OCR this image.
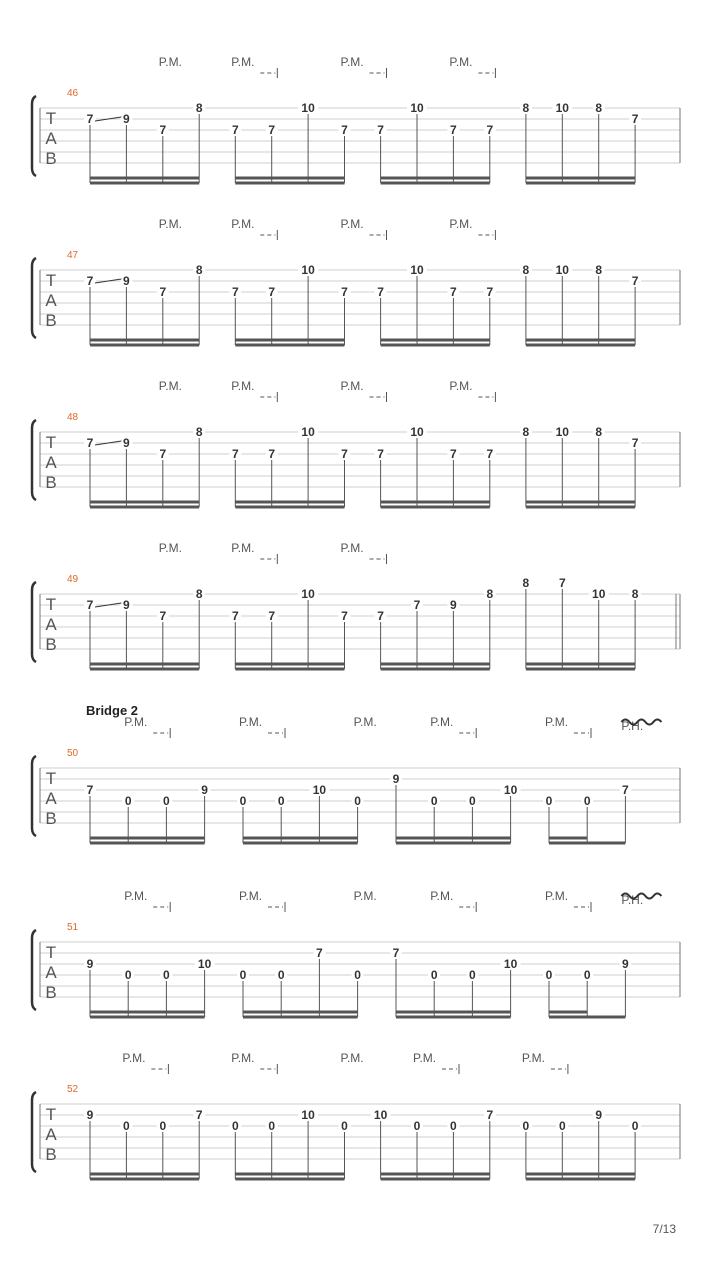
T
A
B
46
P.M.	P.M.	P.M.	P.M.
7 9
7
8
7 7
10
7 7
10
7 7
8 10 8
7
T
A
B
47
P.M.	P.M.	P.M.	P.M.
7 9
7
8
7 7
10
7 7
10
7 7
8 10 8
7
T
A
B
48
P.M.	P.M.	P.M.	P.M.
7 9
7
8
7 7
10
7 7
10
7 7
8 10 8
7
T
A
B
49
P.M.	P.M.	P.M.
7 9
7
8
7 7
10
7 7
7 9
8
8 7
10 8
T
A
B
50
Bridge 2
P.M.	P.M.	P.M.	P.M.	P.M.	P.H.
7
0	0
9
0	0
10
0
9
0	0
10
0	0
7
T
A
B
51
P.M.	P.M.	P.M.	P.M.	P.M.	P.H.
9
0	0
10
0	0
7
0
7
0	0
10
0	0
9
T
A
B
52
P.M.	P.M.	P.M.	P.M.	P.M.
9
0 0
7
0 0
10
0
10
0 0
7
0 0
9
0
7/13
